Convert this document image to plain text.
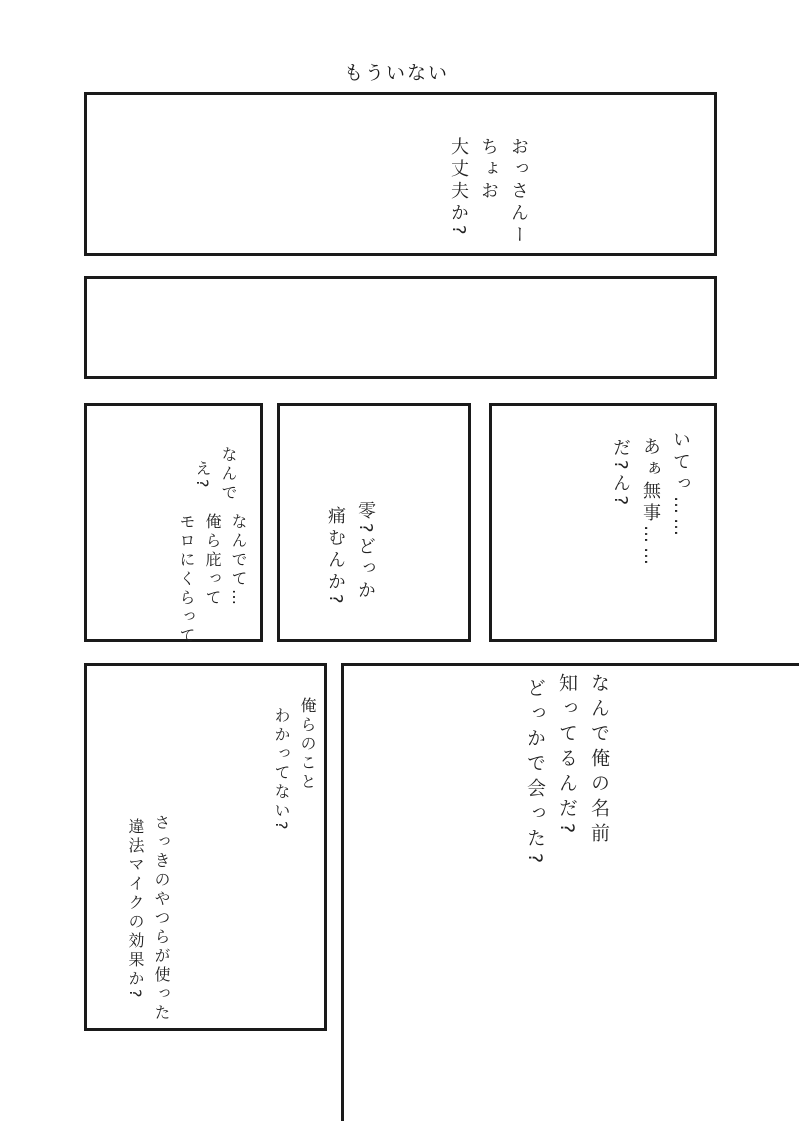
もういない
おっさんー
ちょお
大丈夫か?
なんで
え?
なんでて…
俺ら庇って
モロにくらって	零?どっか
痛むんか?
いてっ……
あぁ無事……
だ?ん?
俺らのこと
わかってない?
さっきのやつらが使った
違法マイクの効果か?
なんで俺の名前
知ってるんだ?
どっかで会った?
